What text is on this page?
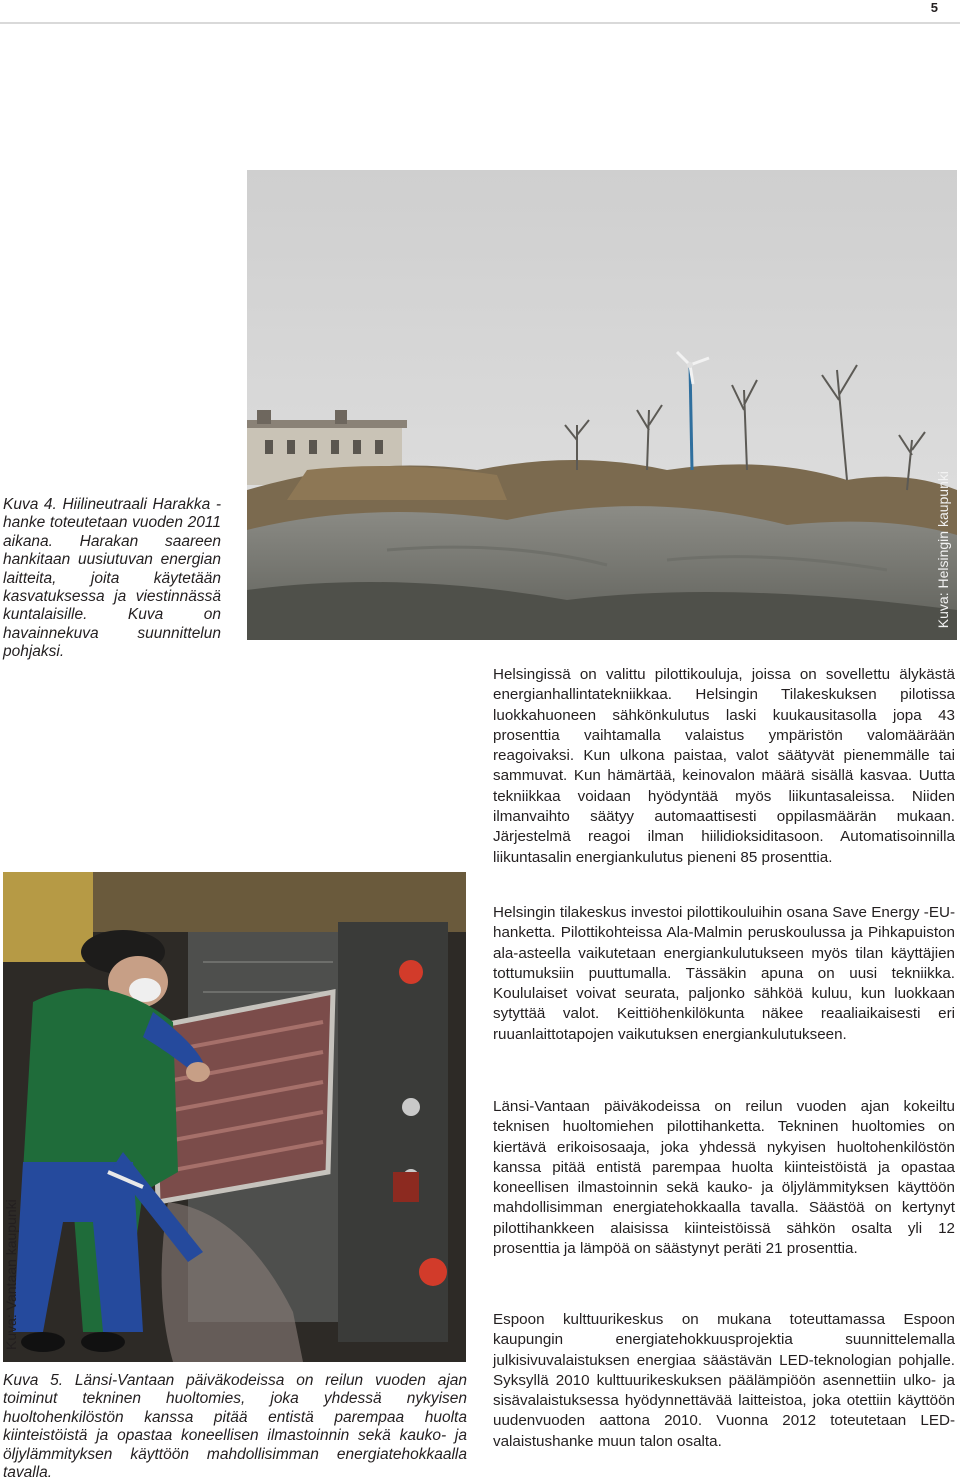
5
Kuva 4. Hiilineutraali Harakka -hanke toteutetaan vuoden 2011 aikana. Harakan saareen hankitaan uusiutuvan energian laitteita, joita käytetään kasvatuksessa ja viestinnässä kuntalaisille. Kuva on havainnekuva suunnittelun pohjaksi.
Kuva: Helsingin kaupunki
Kuva: Vantaan kaupunki
Kuva 5. Länsi-Vantaan päiväkodeissa on reilun vuoden ajan toiminut tekninen huoltomies, joka yhdessä nykyisen huoltohenkilöstön kanssa pitää entistä parempaa huolta kiinteistöistä ja opastaa koneellisen ilmastoinnin sekä kauko- ja öljylämmityksen käyttöön mahdollisimman energiatehokkaalla tavalla.
Helsingissä on valittu pilottikouluja, joissa on sovellettu älykästä energianhallintatekniikkaa. Helsingin Tilakeskuksen pilotissa luokkahuoneen sähkönkulutus laski kuukausitasolla jopa 43 prosenttia vaihtamalla valaistus ympäristön valomäärään reagoivaksi. Kun ulkona paistaa, valot säätyvät pienemmälle tai sammuvat. Kun hämärtää, keinovalon määrä sisällä kasvaa. Uutta tekniikkaa voidaan hyödyntää myös liikuntasaleissa. Niiden ilmanvaihto säätyy automaattisesti oppilasmäärän mukaan. Järjestelmä reagoi ilman hiilidioksiditasoon. Automatisoinnilla liikuntasalin energiankulutus pieneni 85 prosenttia.
Helsingin tilakeskus investoi pilottikouluihin osana Save Energy -EU-hanketta. Pilottikohteissa Ala-Malmin peruskoulussa ja Pihkapuiston ala-asteella vaikutetaan energiankulutukseen myös tilan käyttäjien tottumuksiin puuttumalla. Tässäkin apuna on uusi tekniikka. Koululaiset voivat seurata, paljonko sähköä kuluu, kun luokkaan sytyttää valot. Keittiöhenkilökunta näkee reaaliaikaisesti eri ruuanlaittotapojen vaikutuksen energiankulutukseen.
Länsi-Vantaan päiväkodeissa on reilun vuoden ajan kokeiltu teknisen huoltomiehen pilottihanketta. Tekninen huoltomies on kiertävä erikoisosaaja, joka yhdessä nykyisen huoltohenkilöstön kanssa pitää entistä parempaa huolta kiinteistöistä ja opastaa koneellisen ilmastoinnin sekä kauko- ja öljylämmityksen käyttöön mahdollisimman energiatehokkaalla tavalla. Säästöä on kertynyt pilottihankkeen alaisissa kiinteistöissä sähkön osalta yli 12 prosenttia ja lämpöä on säästynyt peräti 21 prosenttia.
Espoon kulttuurikeskus on mukana toteuttamassa Espoon kaupungin energiatehokkuusprojektia suunnittelemalla julkisivuvalaistuksen energiaa säästävän LED-teknologian pohjalle. Syksyllä 2010 kulttuurikeskuksen päälämpiöön asennettiin ulko- ja sisävalaistuksessa hyödynnettävää laitteistoa, joka otettiin käyttöön uudenvuoden aattona 2010. Vuonna 2012 toteutetaan LED-valaistushanke muun talon osalta.
